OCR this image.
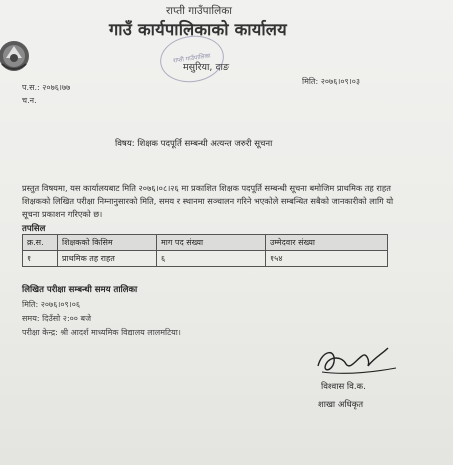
राप्ती गाउँपालिका
गाउँ कार्यपालिकाको कार्यालय
मसुरिया, दाङ
राप्ती गाउँपालिका
प.स.: २०७६।७७
च.न.
मिति: २०७६।०९।०३
विषय: शिक्षक पदपूर्ति सम्बन्धी अत्यन्त जरुरी सूचना
प्रस्तुत विषयमा, यस कार्यालयबाट मिति २०७६।०८।२६ मा प्रकाशित शिक्षक पदपूर्ति सम्बन्धी सूचना बमोजिम प्राथमिक तह राहत शिक्षकको लिखित परीक्षा निम्नानुसारको मिति, समय र स्थानमा सञ्चालन गरिने भएकोले सम्बन्धित सबैको जानकारीको लागि यो सूचना प्रकाशन गरिएको छ।
तपसिल
क्र.स.	शिक्षकको किसिम	माग पद संख्या	उम्मेदवार संख्या
१	प्राथमिक तह राहत	६	१५४
लिखित परीक्षा सम्बन्धी समय तालिका
मिति: २०७६।०९।०६
समय: दिउँसो २:०० बजे
परीक्षा केन्द्र: श्री आदर्श माध्यमिक विद्यालय लालमटिया।
विश्वास वि.क.
शाखा अधिकृत
